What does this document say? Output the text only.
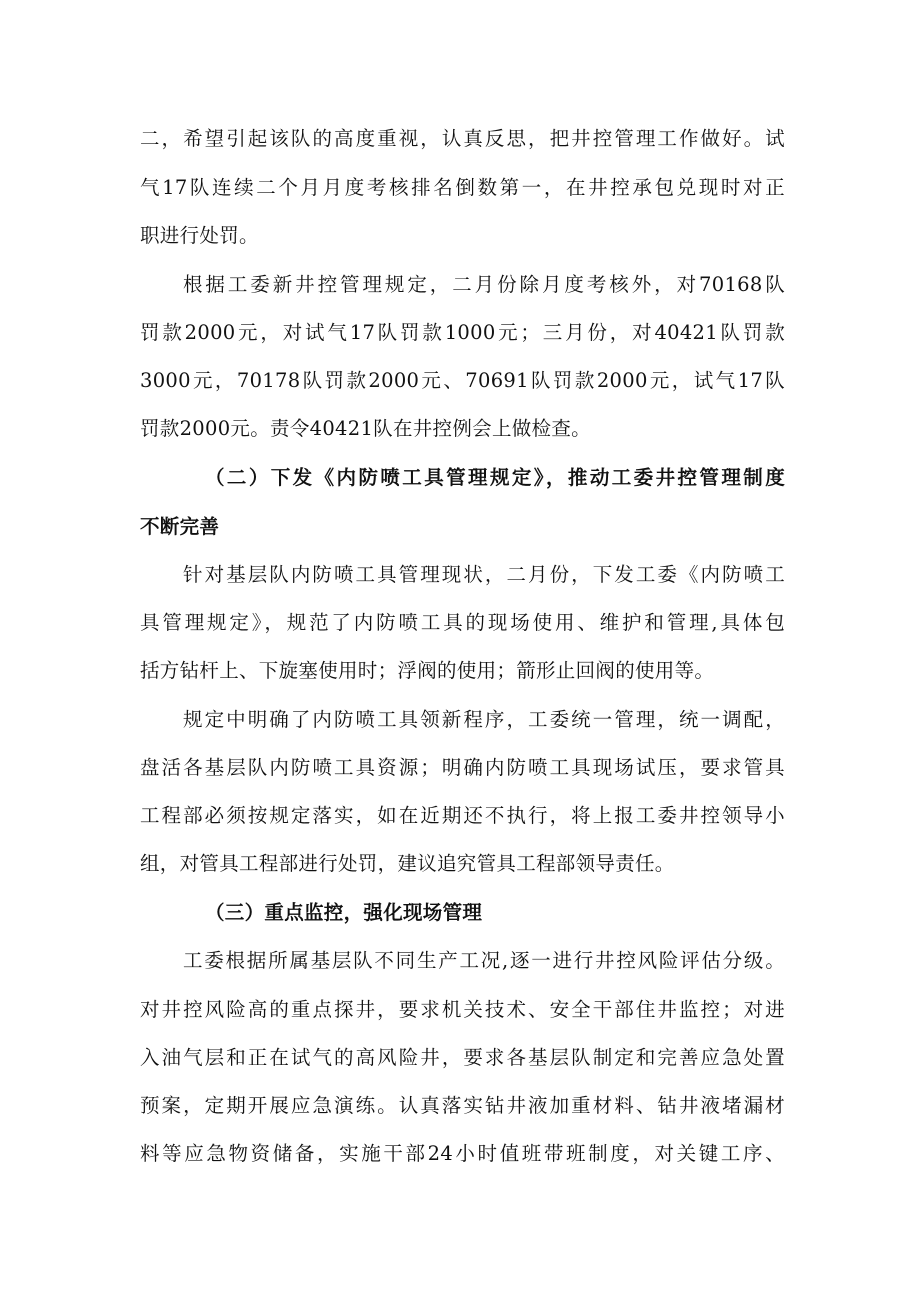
二，希望引起该队的高度重视，认真反思，把井控管理工作做好。试
气17队连续二个月月度考核排名倒数第一，在井控承包兑现时对正
职进行处罚。
根据工委新井控管理规定，二月份除月度考核外，对70168队
罚款2000元，对试气17队罚款1000元；三月份，对40421队罚款
3000元，70178队罚款2000元、70691队罚款2000元，试气17队
罚款2000元。责令40421队在井控例会上做检查。
（二）下发《内防喷工具管理规定》，推动工委井控管理制度
不断完善
针对基层队内防喷工具管理现状，二月份，下发工委《内防喷工
具管理规定》，规范了内防喷工具的现场使用、维护和管理,具体包
括方钻杆上、下旋塞使用时；浮阀的使用；箭形止回阀的使用等。
规定中明确了内防喷工具领新程序，工委统一管理，统一调配，
盘活各基层队内防喷工具资源；明确内防喷工具现场试压，要求管具
工程部必须按规定落实，如在近期还不执行，将上报工委井控领导小
组，对管具工程部进行处罚，建议追究管具工程部领导责任。
（三）重点监控，强化现场管理
工委根据所属基层队不同生产工况,逐一进行井控风险评估分级。
对井控风险高的重点探井，要求机关技术、安全干部住井监控；对进
入油气层和正在试气的高风险井，要求各基层队制定和完善应急处置
预案，定期开展应急演练。认真落实钻井液加重材料、钻井液堵漏材
料等应急物资储备，实施干部24小时值班带班制度，对关键工序、
